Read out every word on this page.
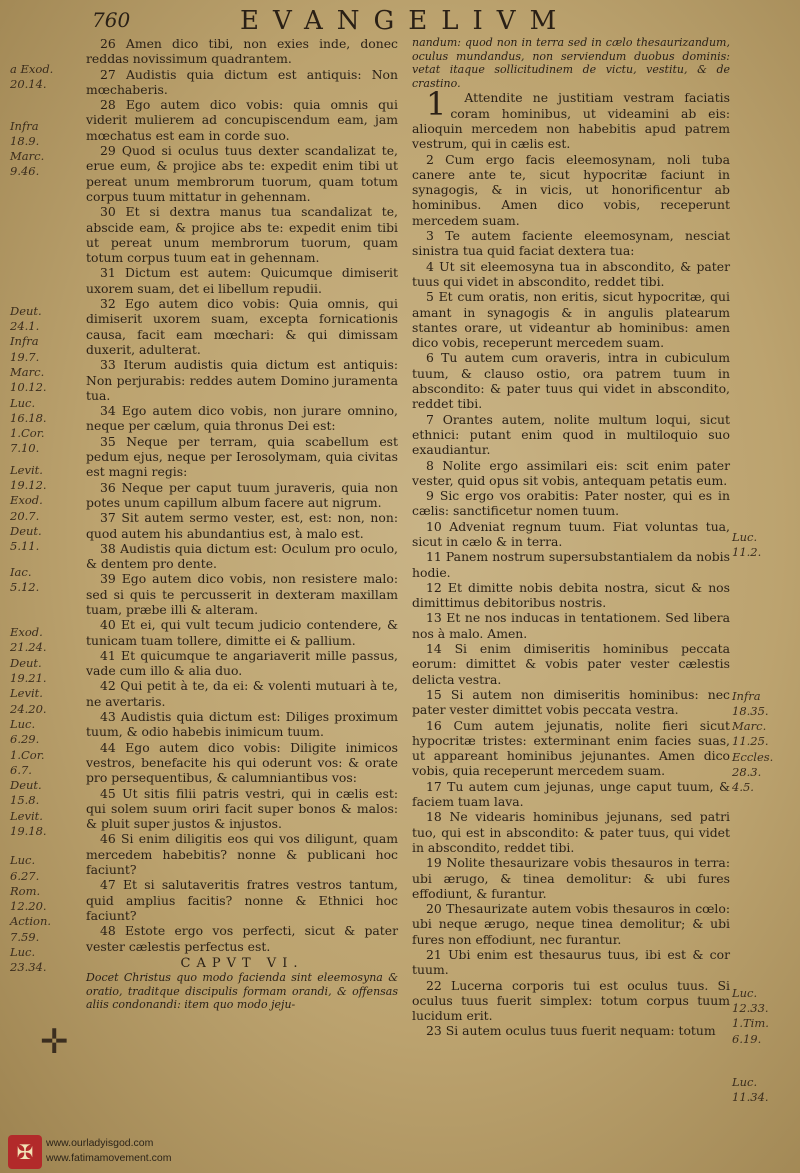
760	EVANGELIVM

a Exod.
20.14.

Infra
18.9.
Marc.
9.46.

Deut.
24.1.
Infra
19.7.
Marc.
10.12.
Luc.
16.18.
1.Cor.
7.10.

Levit.
19.12.
Exod.
20.7.
Deut.
5.11.

Iac.
5.12.

Exod.
21.24.
Deut.
19.21.
Levit.
24.20.

Luc.
6.29.
1.Cor.
6.7.
Deut.
15.8.
Levit.
19.18.

Luc.
6.27.
Rom.
12.20.
Action.
7.59.
Luc.
23.34.

26 Amen dico tibi, non exies inde, donec reddas novissimum quadrantem.

27 Audistis quia dictum est antiquis: Non mœchaberis.

28 Ego autem dico vobis: quia omnis qui viderit mulierem ad concupiscendum eam, jam mœchatus est eam in corde suo.

29 Quod si oculus tuus dexter scandalizat te, erue eum, & projice abs te: expedit enim tibi ut pereat unum membrorum tuorum, quam totum corpus tuum mittatur in gehennam.

30 Et si dextra manus tua scandalizat te, abscide eam, & projice abs te: expedit enim tibi ut pereat unum membrorum tuorum, quam totum corpus tuum eat in gehennam.

31 Dictum est autem: Quicumque dimiserit uxorem suam, det ei libellum repudii.

32 Ego autem dico vobis: Quia omnis, qui dimiserit uxorem suam, excepta fornicationis causa, facit eam mœchari: & qui dimissam duxerit, adulterat.

33 Iterum audistis quia dictum est antiquis: Non perjurabis: reddes autem Domino juramenta tua.

34 Ego autem dico vobis, non jurare omnino, neque per cælum, quia thronus Dei est:

35 Neque per terram, quia scabellum est pedum ejus, neque per Ierosolymam, quia civitas est magni regis:

36 Neque per caput tuum juraveris, quia non potes unum capillum album facere aut nigrum.

37 Sit autem sermo vester, est, est: non, non: quod autem his abundantius est, à malo est.

38 Audistis quia dictum est: Oculum pro oculo, & dentem pro dente.

39 Ego autem dico vobis, non resistere malo: sed si quis te percusserit in dexteram maxillam tuam, præbe illi & alteram.

40 Et ei, qui vult tecum judicio contendere, & tunicam tuam tollere, dimitte ei & pallium.

41 Et quicumque te angariaverit mille passus, vade cum illo & alia duo.

42 Qui petit à te, da ei: & volenti mutuari à te, ne avertaris.

43 Audistis quia dictum est: Diliges proximum tuum, & odio habebis inimicum tuum.

44 Ego autem dico vobis: Diligite inimicos vestros, benefacite his qui oderunt vos: & orate pro persequentibus, & calumniantibus vos:

45 Ut sitis filii patris vestri, qui in cælis est: qui solem suum oriri facit super bonos & malos: & pluit super justos & injustos.

46 Si enim diligitis eos qui vos diligunt, quam mercedem habebitis? nonne & publicani hoc faciunt?

47 Et si salutaveritis fratres vestros tantum, quid amplius facitis? nonne & Ethnici hoc faciunt?

48 Estote ergo vos perfecti, sicut & pater vester cælestis perfectus est.

CAPVT VI.

Docet Christus quo modo facienda sint eleemosyna & oratio, traditque discipulis formam orandi, & offensas aliis condonandi: item quo modo jeju-

nandum: quod non in terra sed in cælo thesaurizandum, oculus mundandus, non serviendum duobus dominis: vetat itaque sollicitudinem de victu, vestitu, & de crastino.

1Attendite ne justitiam vestram faciatis coram hominibus, ut videamini ab eis: alioquin mercedem non habebitis apud patrem vestrum, qui in cælis est.

2 Cum ergo facis eleemosynam, noli tuba canere ante te, sicut hypocritæ faciunt in synagogis, & in vicis, ut honorificentur ab hominibus. Amen dico vobis, receperunt mercedem suam.

3 Te autem faciente eleemosynam, nesciat sinistra tua quid faciat dextera tua:

4 Ut sit eleemosyna tua in abscondito, & pater tuus qui videt in abscondito, reddet tibi.

5 Et cum oratis, non eritis, sicut hypocritæ, qui amant in synagogis & in angulis platearum stantes orare, ut videantur ab hominibus: amen dico vobis, receperunt mercedem suam.

6 Tu autem cum oraveris, intra in cubiculum tuum, & clauso ostio, ora patrem tuum in abscondito: & pater tuus qui videt in abscondito, reddet tibi.

7 Orantes autem, nolite multum loqui, sicut ethnici: putant enim quod in multiloquio suo exaudiantur.

8 Nolite ergo assimilari eis: scit enim pater vester, quid opus sit vobis, antequam petatis eum.

9 Sic ergo vos orabitis: Pater noster, qui es in cælis: sanctificetur nomen tuum.

10 Adveniat regnum tuum. Fiat voluntas tua, sicut in cælo & in terra.

11 Panem nostrum supersubstantialem da nobis hodie.

12 Et dimitte nobis debita nostra, sicut & nos dimittimus debitoribus nostris.

13 Et ne nos inducas in tentationem. Sed libera nos à malo. Amen.

14 Si enim dimiseritis hominibus peccata eorum: dimittet & vobis pater vester cælestis delicta vestra.

15 Si autem non dimiseritis hominibus: nec pater vester dimittet vobis peccata vestra.

16 Cum autem jejunatis, nolite fieri sicut hypocritæ tristes: exterminant enim facies suas, ut appareant hominibus jejunantes. Amen dico vobis, quia receperunt mercedem suam.

17 Tu autem cum jejunas, unge caput tuum, & faciem tuam lava.

18 Ne videaris hominibus jejunans, sed patri tuo, qui est in abscondito: & pater tuus, qui videt in abscondito, reddet tibi.

19 Nolite thesaurizare vobis thesauros in terra: ubi ærugo, & tinea demolitur: & ubi fures effodiunt, & furantur.

20 Thesaurizate autem vobis thesauros in cœlo: ubi neque ærugo, neque tinea demolitur; & ubi fures non effodiunt, nec furantur.

21 Ubi enim est thesaurus tuus, ibi est & cor tuum.

22 Lucerna corporis tui est oculus tuus. Si oculus tuus fuerit simplex: totum corpus tuum lucidum erit.

23 Si autem oculus tuus fuerit nequam: totum

Luc.
11.2.

Infra
18.35.
Marc.
11.25.
Eccles.
28.3.
4.5.

Luc.
12.33.
1.Tim.
6.19.

Luc.
11.34.

✛
✠	www.ourladyisgod.com
www.fatimamovement.com
